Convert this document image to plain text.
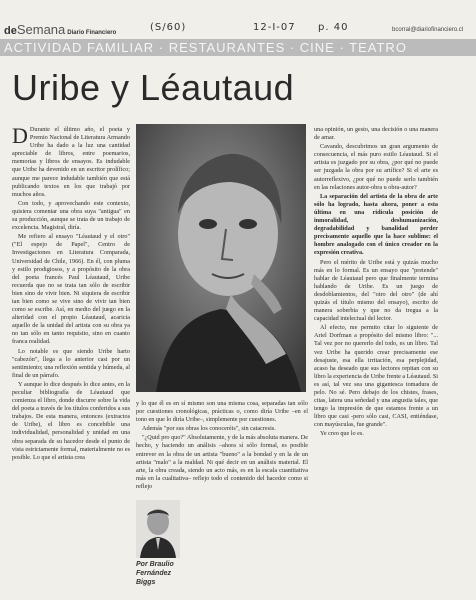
deSemana Diario Financiero	(S/60)	12-I-07 p. 40	bcorral@diariofinanciero.cl
ACTIVIDAD FAMILIAR · RESTAURANTES · CINE · TEATRO
Uribe y Léautaud

D Durante el último año, el poeta y Premio Nacional de Literatura Armando Uribe ha dado a la luz una cantidad apreciable de libros, entre poemarios, memorias y libros de ensayos. Es indudable que Uribe ha devenido en un escritor prolífico; aunque me parece indudable también que está publicando textos en los que trabajó por muchos años.

Con todo, y aprovechando este contexto, quisiera comentar una obra suya "antigua" en su producción, aunque se trata de un trabajo de excelencia. Magistral, diría.

Me refiero al ensayo "Léautaud y el otro" ("El espejo de Papel", Centro de Investigaciones en Literatura Comparada, Universidad de Chile, 1966). En él, con pluma y estilo prodigiosos, y a propósito de la obra del poeta francés Paul Léautaud, Uribe recuerda que no se trata tan sólo de escribir bien sino de vivir bien. Ni siquiera de escribir tan bien como se vive sino de vivir tan bien como se escribe. Así, en medio del juego en la alteridad con el propio Léautaud, acaricia aquello de la unidad del artista con su obra ya no tan sólo en tanto requisito, sino en cuanto franca realidad.

Lo notable es que siendo Uribe harto "cabezón", llega a lo anterior casi por un sentimiento; una reflexión sentida y húmeda, al final de un párrafo.

Y aunque lo dice después lo dice antes, en la peculiar bibliografía de Léautaud que comienza el libro, donde discurre sobre la vida del poeta a través de los títulos conferidos a sus trabajos. De esta manera, entonces (extractos de Uribe), el libro es concebible una individualidad, personalidad y unidad en una obra separada de su hacedor desde el punto de vista estrictamente formal, materialmente no es posible. Lo que el artista crea

y lo que él es en sí mismo son una misma cosa, separadas tan sólo por cuestiones cronológicas, prácticas o, como diría Uribe –en el tono en que lo diría Uribe–, simplemente por cuestiones.

Además "por sus obras los conoceréis", sin catacresis.

"¿Quid pro quo?" Absolutamente, y de la más absoluta manera. De hecho, y haciendo un análisis –ahora sí sólo formal, es posible entrever en la obra de un artista "bueno" a la bondad y en la de un artista "malo" a la maldad. Ni qué decir en un análisis material. El arte, la obra creada, siendo un acto más, es en la escala cuantitativa más en la cualitativa– reflejo todo el contenido del hacedor como si reflejo

Por Braulio
Fernández
Biggs

una opinión, un gesto, una decisión o una manera de amar.

Cavando, descubrimos un gran argumento de consecuencia, el más puro estilo Léautaud. Si el artista es juzgado por su obra, ¿por qué no puede ser juzgada la obra por su artífice? Si el arte es autorreflexivo, ¿por qué no puede serlo también en las relaciones autor-obra u obra-autor?

La separación del artista de la obra de arte sólo ha logrado, hasta ahora, poner a esta última en una ridícula posición de inmoralidad, deshumanización, degradabilidad y banalidad perder precisamente aquello que la hace sublime: el hombre analogado con el único creador en la expresión creativa.

Pero el mérito de Uribe está y quizás mucho más en lo formal. Es un ensayo que "pretende" hablar de Léautaud pero que finalmente termina hablando de Uribe. Es un juego de desdoblamientos, del "otro del otro" (de ahí quizás el título mismo del ensayo), escrito de manera soberbia y que no da tregua a la capacidad intelectual del lector.

Al efecto, me permito citar lo siguiente de Ariel Dorfman a propósito del mismo libro: "... Tal vez por no quererlo del todo, es un libro. Tal vez Uribe ha querido crear precisamente ese desajuste, esa ella irritación, esa perplejidad, acaso ha deseado que sus lectores repitan con su libro la experiencia de Uribe frente a Léautaud. Si es así, tal vez sea una gigantesca tomadura de pelo. No sé. Pero debajo de los chistes, frases, citas, latera una señedad y una angustia tales, que tengo la impresión de que estamos frente a un libro que casi -pero sólo casi, CASI, entiéndase, con mayúsculas, fue grande".

Ye creo que lo es.
